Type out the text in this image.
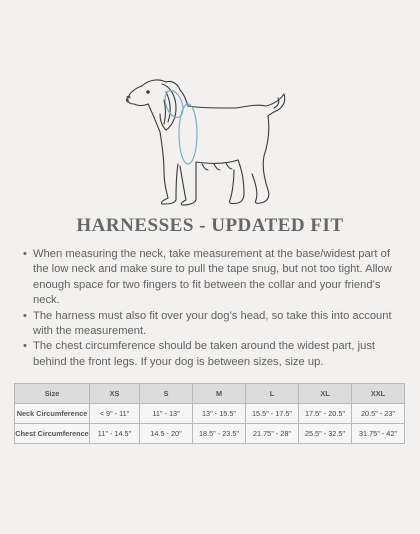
HARNESSES - UPDATED FIT
• When measuring the neck, take measurement at the base/widest part of the low neck and make sure to pull the tape snug, but not too tight. Allow enough space for two fingers to fit between the collar and your friend’s neck.
• The harness must also fit over your dog’s head, so take this into account with the measurement.
• The chest circumference should be taken around the widest part, just behind the front legs. If your dog is between sizes, size up.
Size	XS	S	M	L	XL	XXL
Neck Circumference	< 9" - 11"	11" - 13"	13" - 15.5"	15.5" - 17.5"	17.5" - 20.5"	20.5" - 23"
Chest Circumference	11" - 14.5"	14.5 - 20"	18.5" - 23.5"	21.75" - 28"	25.5" - 32.5"	31.75" - 42"
